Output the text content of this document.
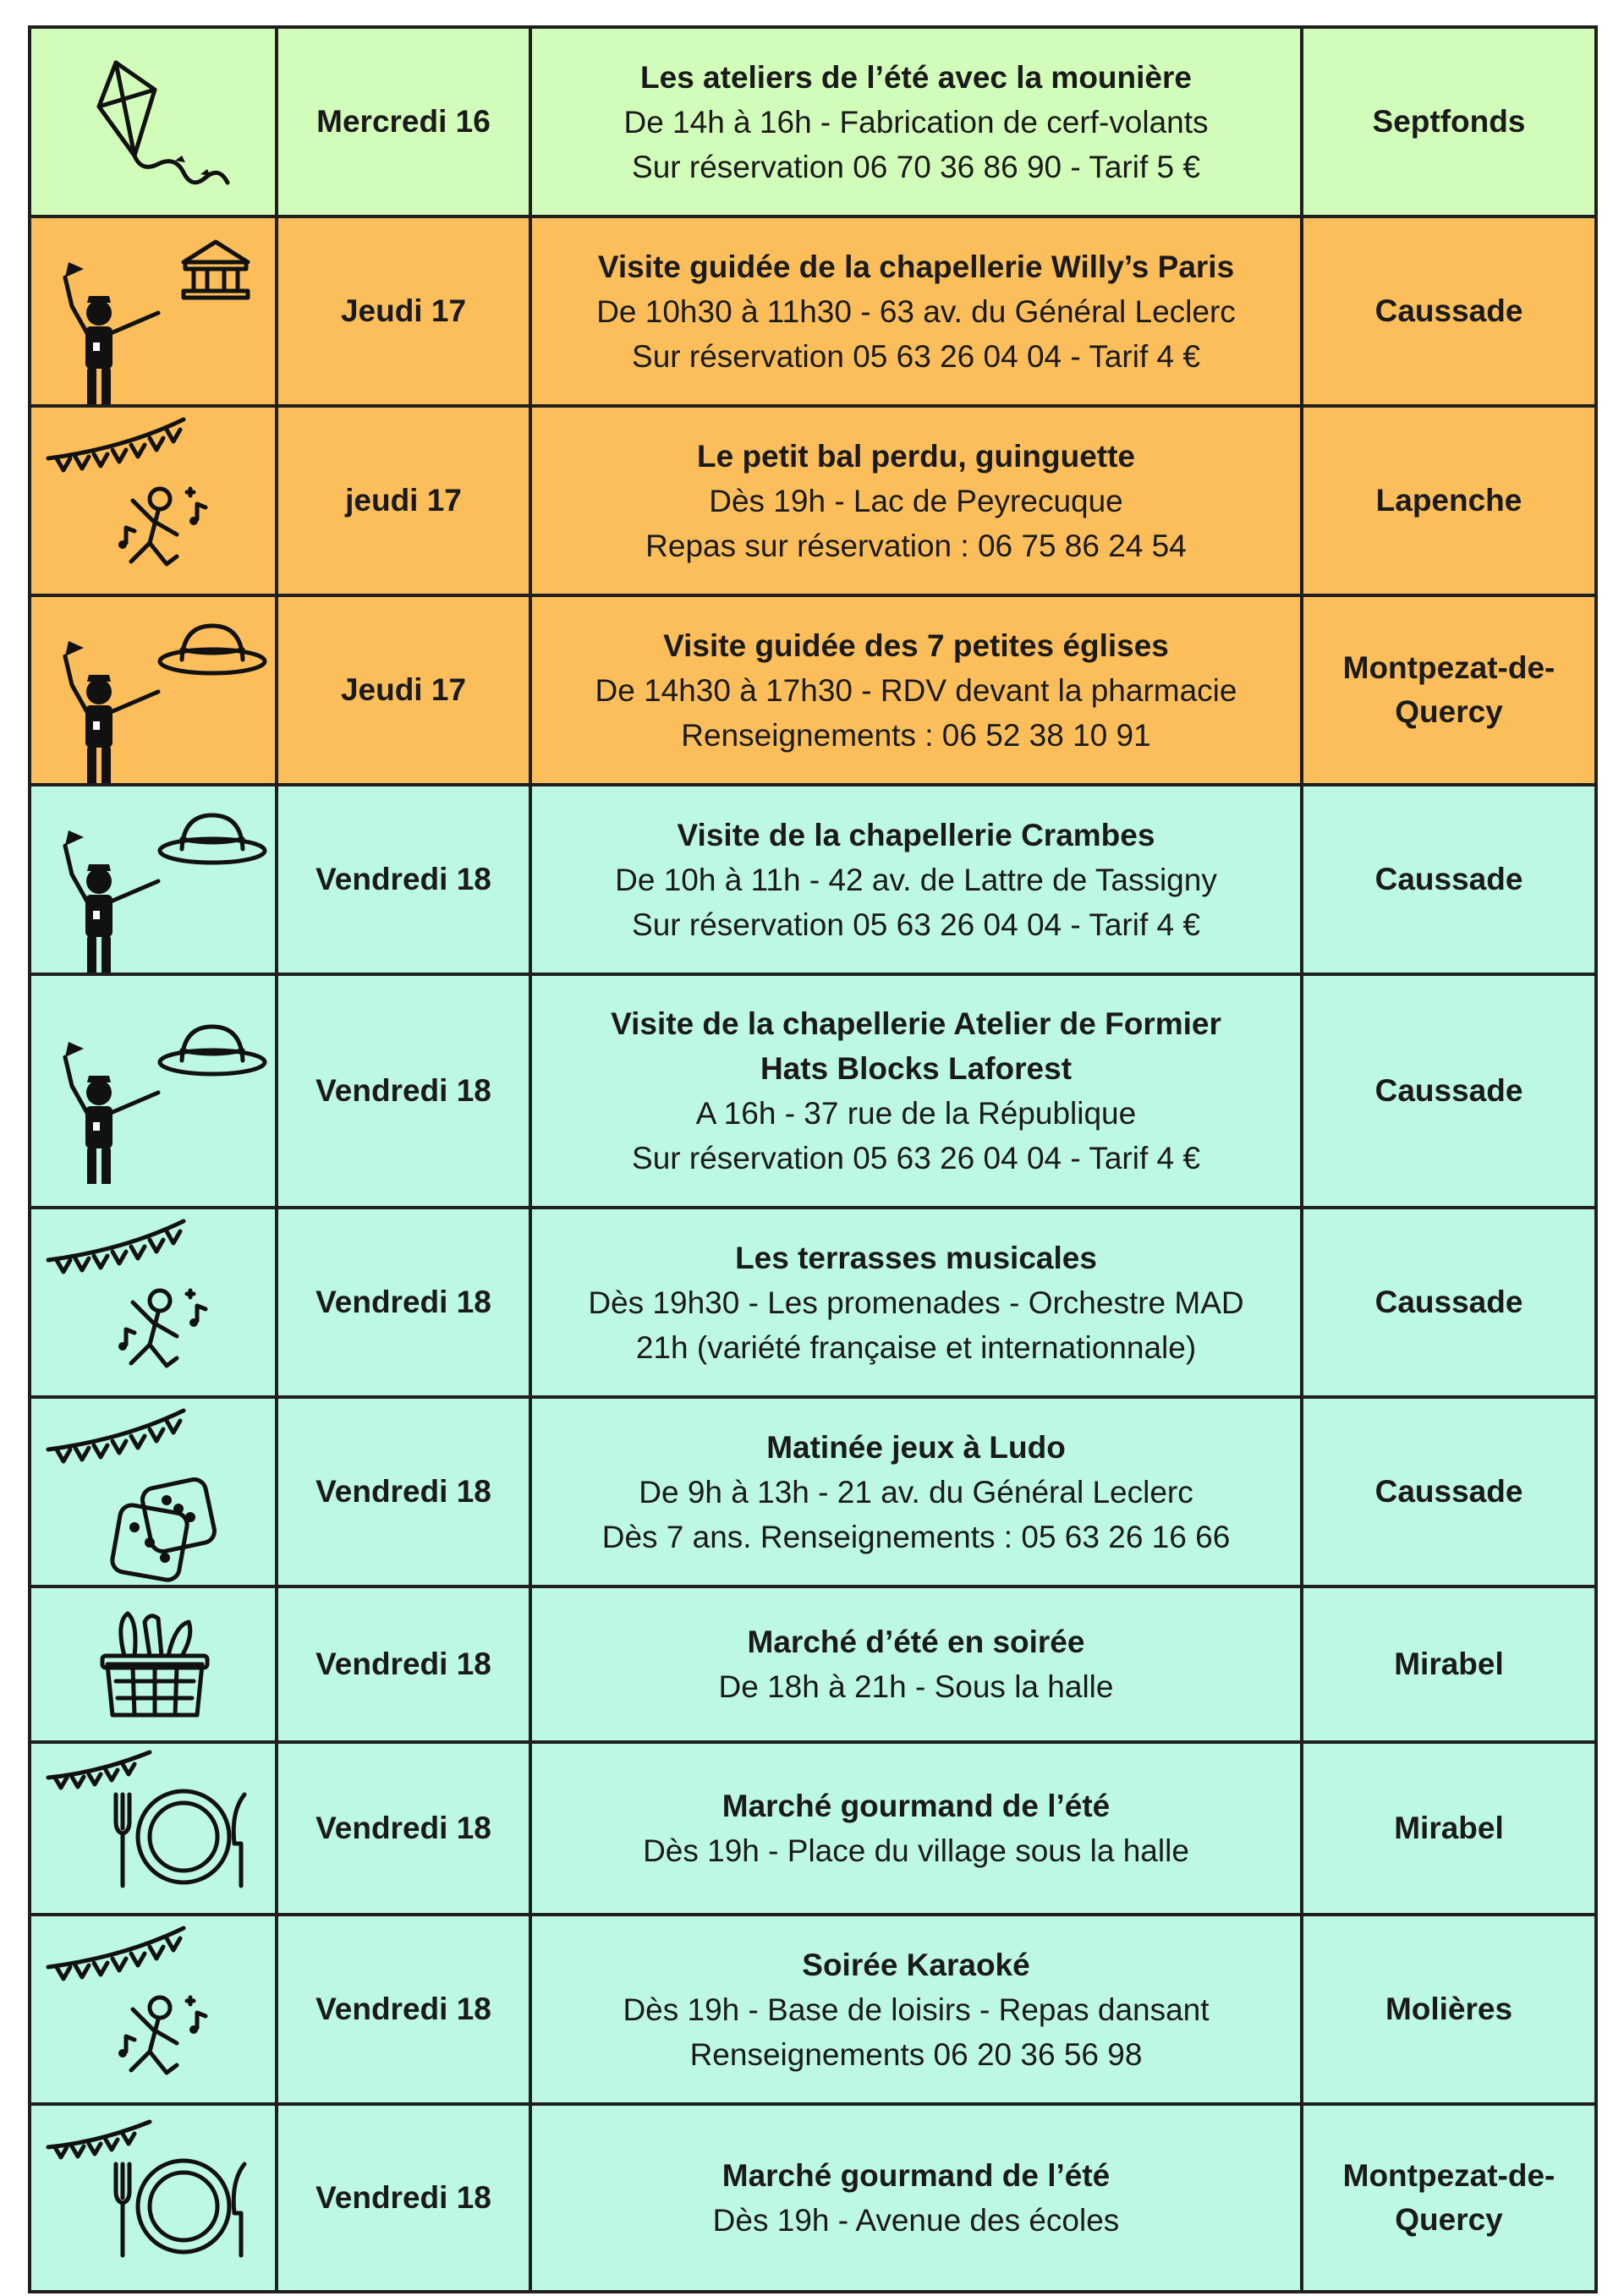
	Mercredi 16	Les ateliers de l’été avec la mounière
De 14h à 16h - Fabrication de cerf-volants
Sur réservation 06 70 36 86 90 - Tarif 5 €	Septfonds

	Jeudi 17	Visite guidée de la chapellerie Willy’s Paris
De 10h30 à 11h30 - 63 av. du Général Leclerc
Sur réservation 05 63 26 04 04 - Tarif 4 €	Caussade

	jeudi 17	Le petit bal perdu, guinguette
Dès 19h - Lac de Peyrecuque
Repas sur réservation : 06 75 86 24 54	Lapenche

	Jeudi 17	Visite guidée des 7 petites églises
De 14h30 à 17h30 - RDV devant la pharmacie
Renseignements : 06 52 38 10 91	Montpezat-de-Quercy

	Vendredi 18	Visite de la chapellerie Crambes
De 10h à 11h - 42 av. de Lattre de Tassigny
Sur réservation 05 63 26 04 04 - Tarif 4 €	Caussade

	Vendredi 18	Visite de la chapellerie Atelier de Formier
Hats Blocks Laforest
A 16h - 37 rue de la République
Sur réservation 05 63 26 04 04 - Tarif 4 €	Caussade

	Vendredi 18	Les terrasses musicales
Dès 19h30 - Les promenades - Orchestre MAD
21h (variété française et internationnale)	Caussade

	Vendredi 18	Matinée jeux à Ludo
De 9h à 13h - 21 av. du Général Leclerc
Dès 7 ans. Renseignements : 05 63 26 16 66	Caussade

	Vendredi 18	Marché d’été en soirée
De 18h à 21h - Sous la halle	Mirabel

	Vendredi 18	Marché gourmand de l’été
Dès 19h - Place du village sous la halle	Mirabel

	Vendredi 18	Soirée Karaoké
Dès 19h - Base de loisirs - Repas dansant
Renseignements 06 20 36 56 98	Molières

	Vendredi 18	Marché gourmand de l’été
Dès 19h - Avenue des écoles	Montpezat-de-Quercy
